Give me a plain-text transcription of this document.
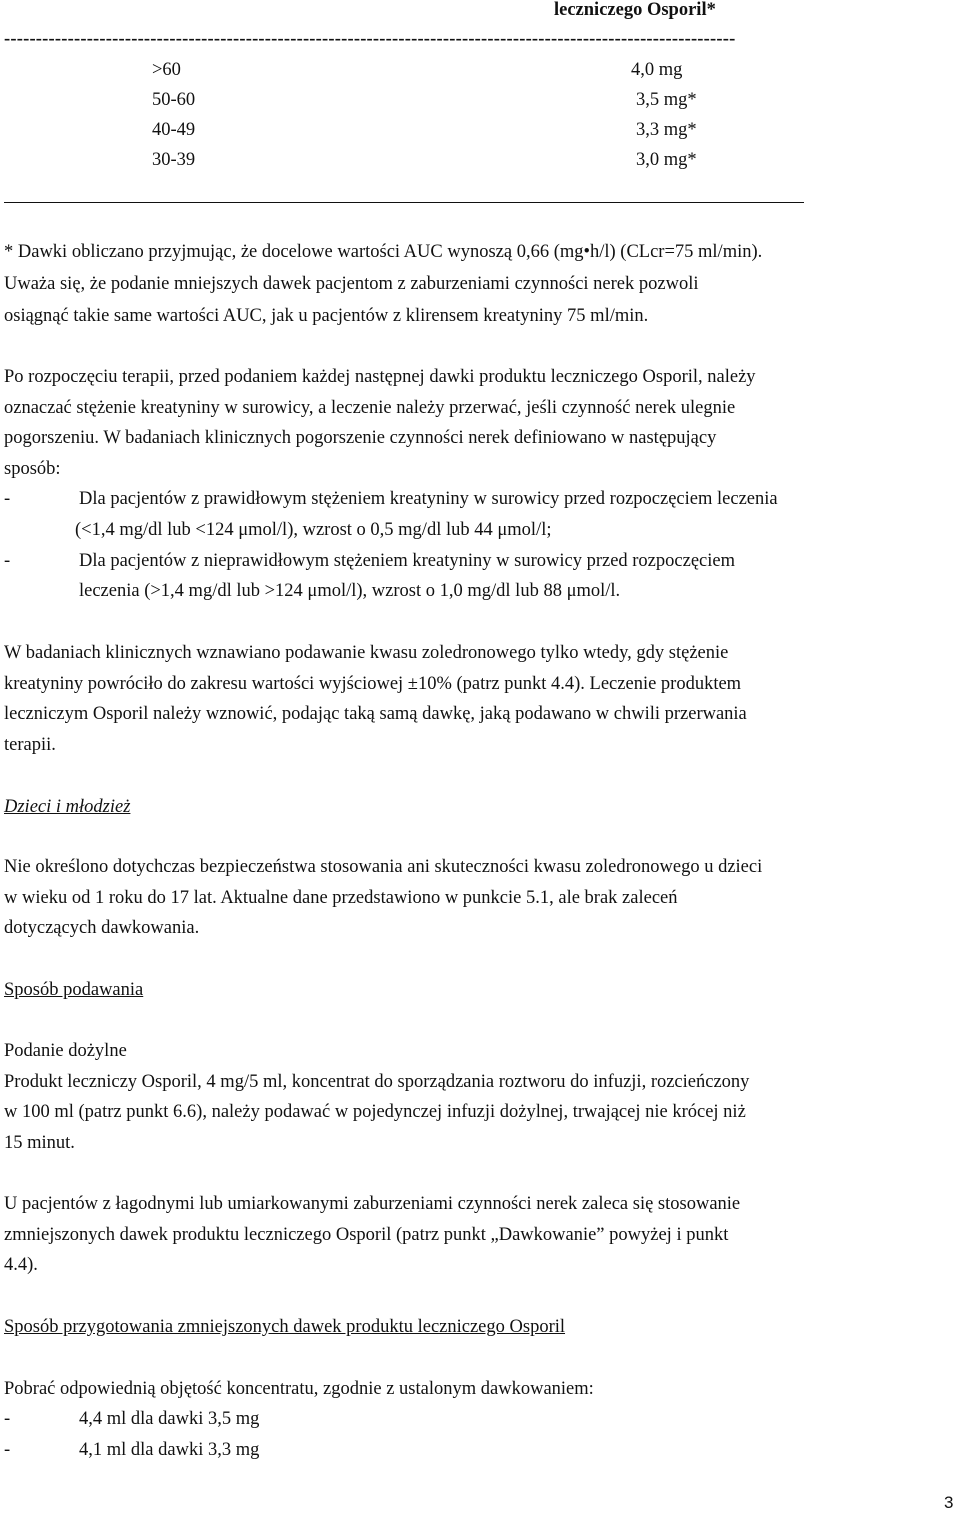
leczniczego Osporil*
-------------------------------------------------------------------------------------------------------------------
>60	4,0 mg
50-60	3,5 mg*
40-49	3,3 mg*
30-39	3,0 mg*
* Dawki obliczano przyjmując, że docelowe wartości AUC wynoszą 0,66 (mg•h/l) (CLcr=75 ml/min).
Uważa się, że podanie mniejszych dawek pacjentom z zaburzeniami czynności nerek pozwoli
osiągnąć takie same wartości AUC, jak u pacjentów z klirensem kreatyniny 75 ml/min.
Po rozpoczęciu terapii, przed podaniem każdej następnej dawki produktu leczniczego Osporil, należy
oznaczać stężenie kreatyniny w surowicy, a leczenie należy przerwać, jeśli czynność nerek ulegnie
pogorszeniu. W badaniach klinicznych pogorszenie czynności nerek definiowano w następujący
sposób:
-	Dla pacjentów z prawidłowym stężeniem kreatyniny w surowicy przed rozpoczęciem leczenia
(<1,4 mg/dl lub <124 μmol/l), wzrost o 0,5 mg/dl lub 44 μmol/l;
-	Dla pacjentów z nieprawidłowym stężeniem kreatyniny w surowicy przed rozpoczęciem
leczenia (>1,4 mg/dl lub >124 μmol/l), wzrost o 1,0 mg/dl lub 88 μmol/l.
W badaniach klinicznych wznawiano podawanie kwasu zoledronowego tylko wtedy, gdy stężenie
kreatyniny powróciło do zakresu wartości wyjściowej ±10% (patrz punkt 4.4). Leczenie produktem
leczniczym Osporil należy wznowić, podając taką samą dawkę, jaką podawano w chwili przerwania
terapii.
Dzieci i młodzież
Nie określono dotychczas bezpieczeństwa stosowania ani skuteczności kwasu zoledronowego u dzieci
w wieku od 1 roku do 17 lat. Aktualne dane przedstawiono w punkcie 5.1, ale brak zaleceń
dotyczących dawkowania.
Sposób podawania
Podanie dożylne
Produkt leczniczy Osporil, 4 mg/5 ml, koncentrat do sporządzania roztworu do infuzji, rozcieńczony
w 100 ml (patrz punkt 6.6), należy podawać w pojedynczej infuzji dożylnej, trwającej nie krócej niż
15 minut.
U pacjentów z łagodnymi lub umiarkowanymi zaburzeniami czynności nerek zaleca się stosowanie
zmniejszonych dawek produktu leczniczego Osporil (patrz punkt „Dawkowanie” powyżej i punkt
4.4).
Sposób przygotowania zmniejszonych dawek produktu leczniczego Osporil
Pobrać odpowiednią objętość koncentratu, zgodnie z ustalonym dawkowaniem:
-	4,4 ml dla dawki 3,5 mg
-	4,1 ml dla dawki 3,3 mg
3
